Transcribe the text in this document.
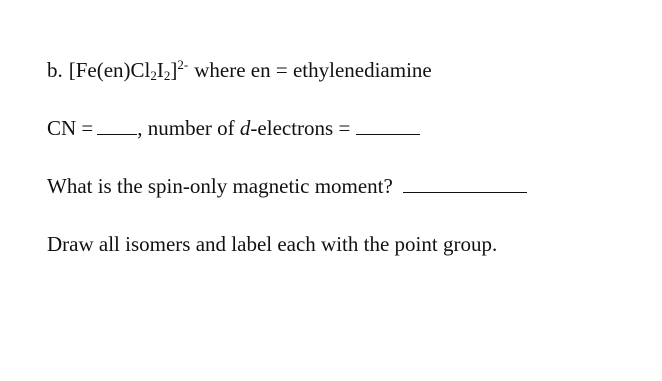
b. $[Fe(en)Cl_2I_2]^{2-}$ where en = ethylenediamine
CN = , number of d-electrons =
What is the spin-only magnetic moment?
Draw all isomers and label each with the point group.
